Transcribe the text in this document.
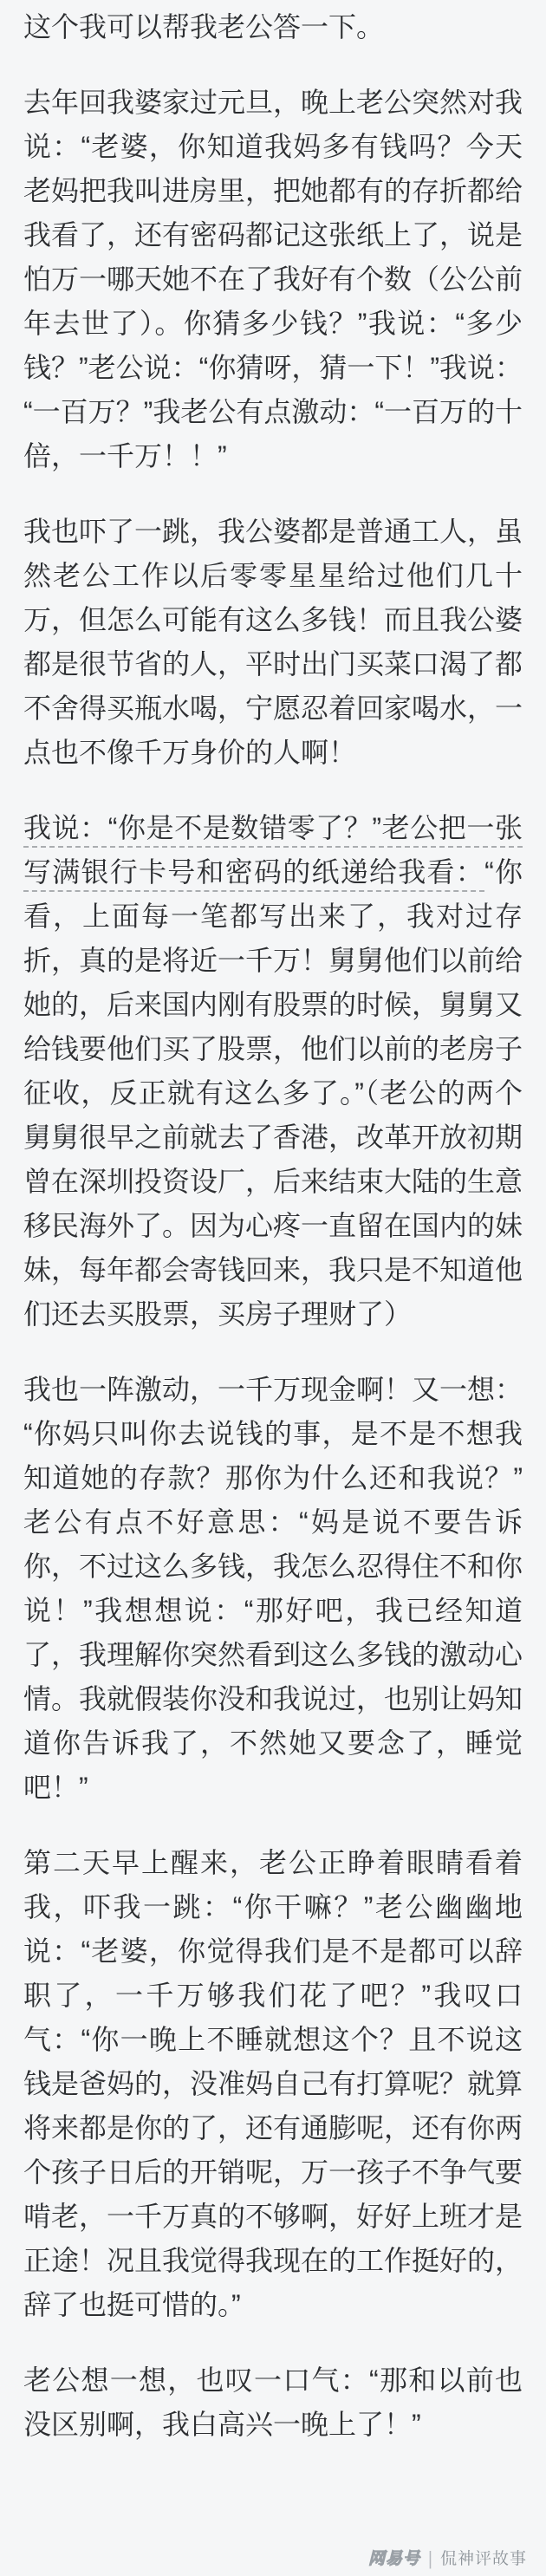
这个我可以帮我老公答一下。

去年回我婆家过元旦，晚上老公突然对我说：“老婆，你知道我妈多有钱吗？今天老妈把我叫进房里，把她都有的存折都给我看了，还有密码都记这张纸上了，说是怕万一哪天她不在了我好有个数（公公前年去世了）。你猜多少钱？”我说：“多少钱？”老公说：“你猜呀，猜一下！”我说：“一百万？”我老公有点激动：“一百万的十倍，一千万！！”

我也吓了一跳，我公婆都是普通工人，虽然老公工作以后零零星星给过他们几十万，但怎么可能有这么多钱！而且我公婆都是很节省的人，平时出门买菜口渴了都不舍得买瓶水喝，宁愿忍着回家喝水，一点也不像千万身价的人啊！

我说：“你是不是数错零了？”老公把一张写满银行卡号和密码的纸递给我看：“你看，上面每一笔都写出来了，我对过存折，真的是将近一千万！舅舅他们以前给她的，后来国内刚有股票的时候，舅舅又给钱要他们买了股票，他们以前的老房子征收，反正就有这么多了。”（老公的两个舅舅很早之前就去了香港，改革开放初期曾在深圳投资设厂，后来结束大陆的生意移民海外了。因为心疼一直留在国内的妹妹，每年都会寄钱回来，我只是不知道他们还去买股票，买房子理财了）

我也一阵激动，一千万现金啊！又一想：“你妈只叫你去说钱的事，是不是不想我知道她的存款？那你为什么还和我说？”老公有点不好意思：“妈是说不要告诉你，不过这么多钱，我怎么忍得住不和你说！”我想想说：“那好吧，我已经知道了，我理解你突然看到这么多钱的激动心情。我就假装你没和我说过，也别让妈知道你告诉我了，不然她又要念了，睡觉吧！”

第二天早上醒来，老公正睁着眼睛看着我，吓我一跳：“你干嘛？”老公幽幽地说：“老婆，你觉得我们是不是都可以辞职了，一千万够我们花了吧？”我叹口气：“你一晚上不睡就想这个？且不说这钱是爸妈的，没准妈自己有打算呢？就算将来都是你的了，还有通膨呢，还有你两个孩子日后的开销呢，万一孩子不争气要啃老，一千万真的不够啊，好好上班才是正途！况且我觉得我现在的工作挺好的，辞了也挺可惜的。”

老公想一想，也叹一口气：“那和以前也没区别啊，我白高兴一晚上了！”

网易号 | 侃神评故事
